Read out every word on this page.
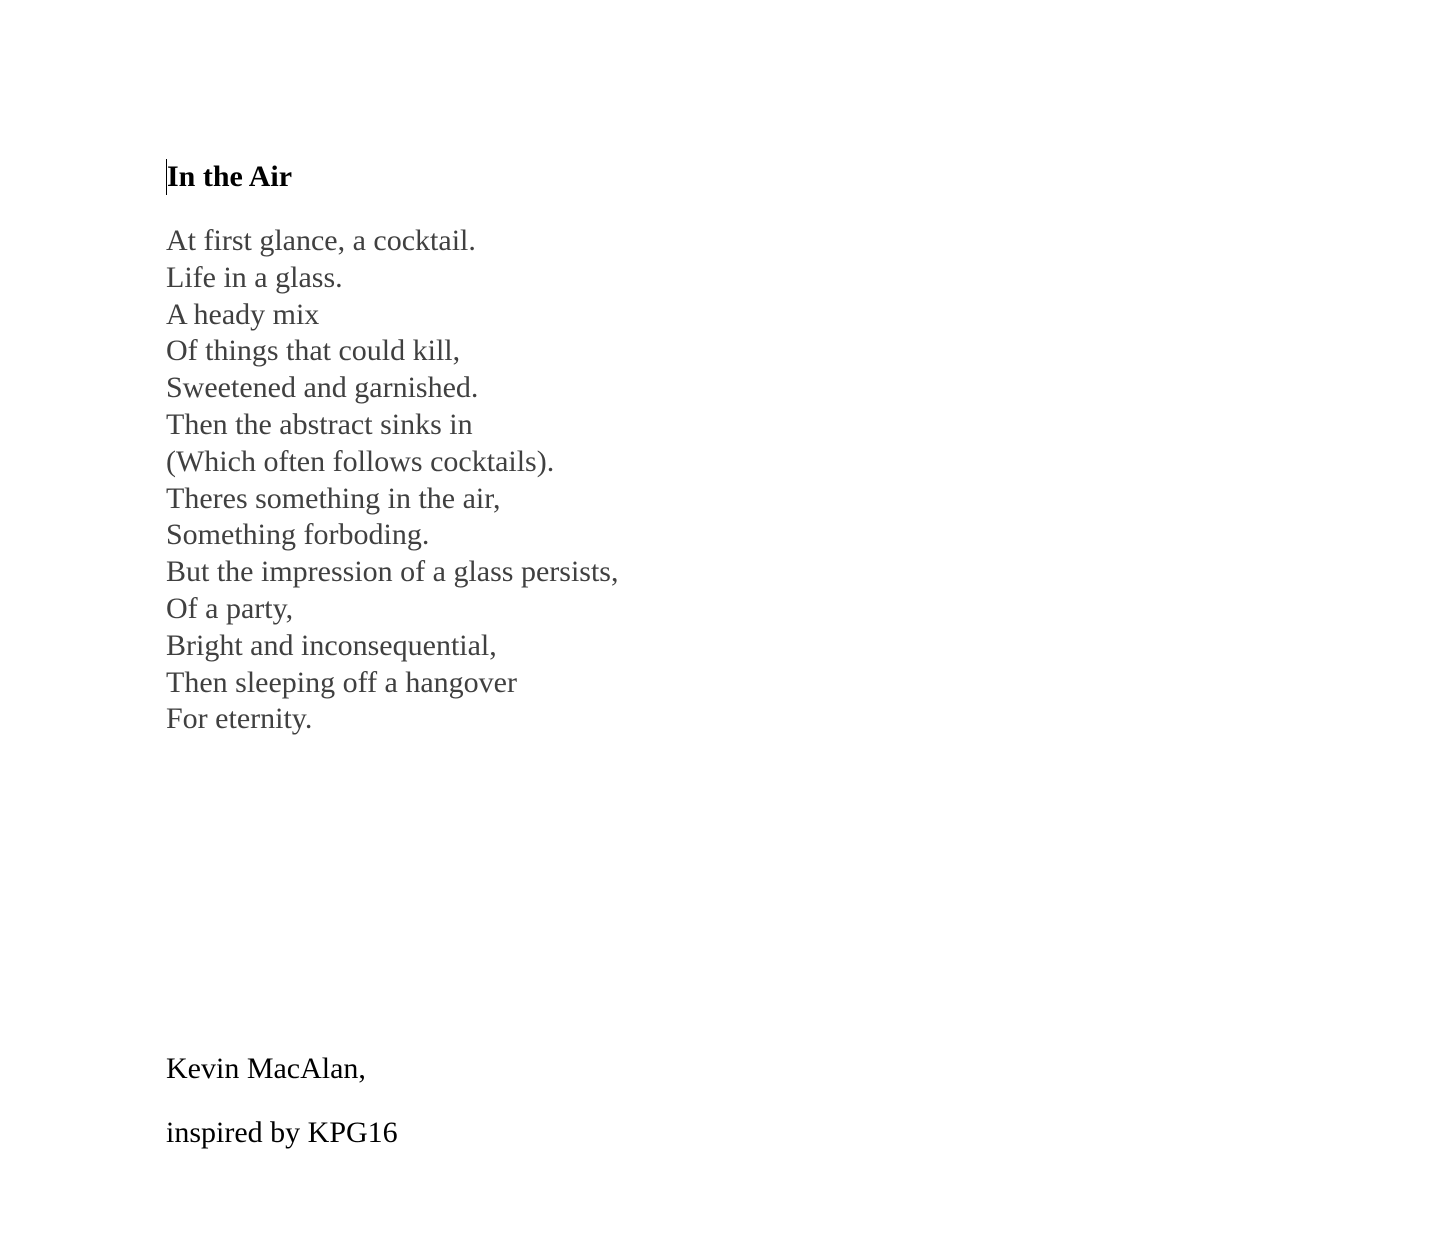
In the Air
At first glance, a cocktail.
Life in a glass.
A heady mix
Of things that could kill,
Sweetened and garnished.
Then the abstract sinks in
(Which often follows cocktails).
Theres something in the air,
Something forboding.
But the impression of a glass persists,
Of a party,
Bright and inconsequential,
Then sleeping off a hangover
For eternity.
Kevin MacAlan,
inspired by KPG16
